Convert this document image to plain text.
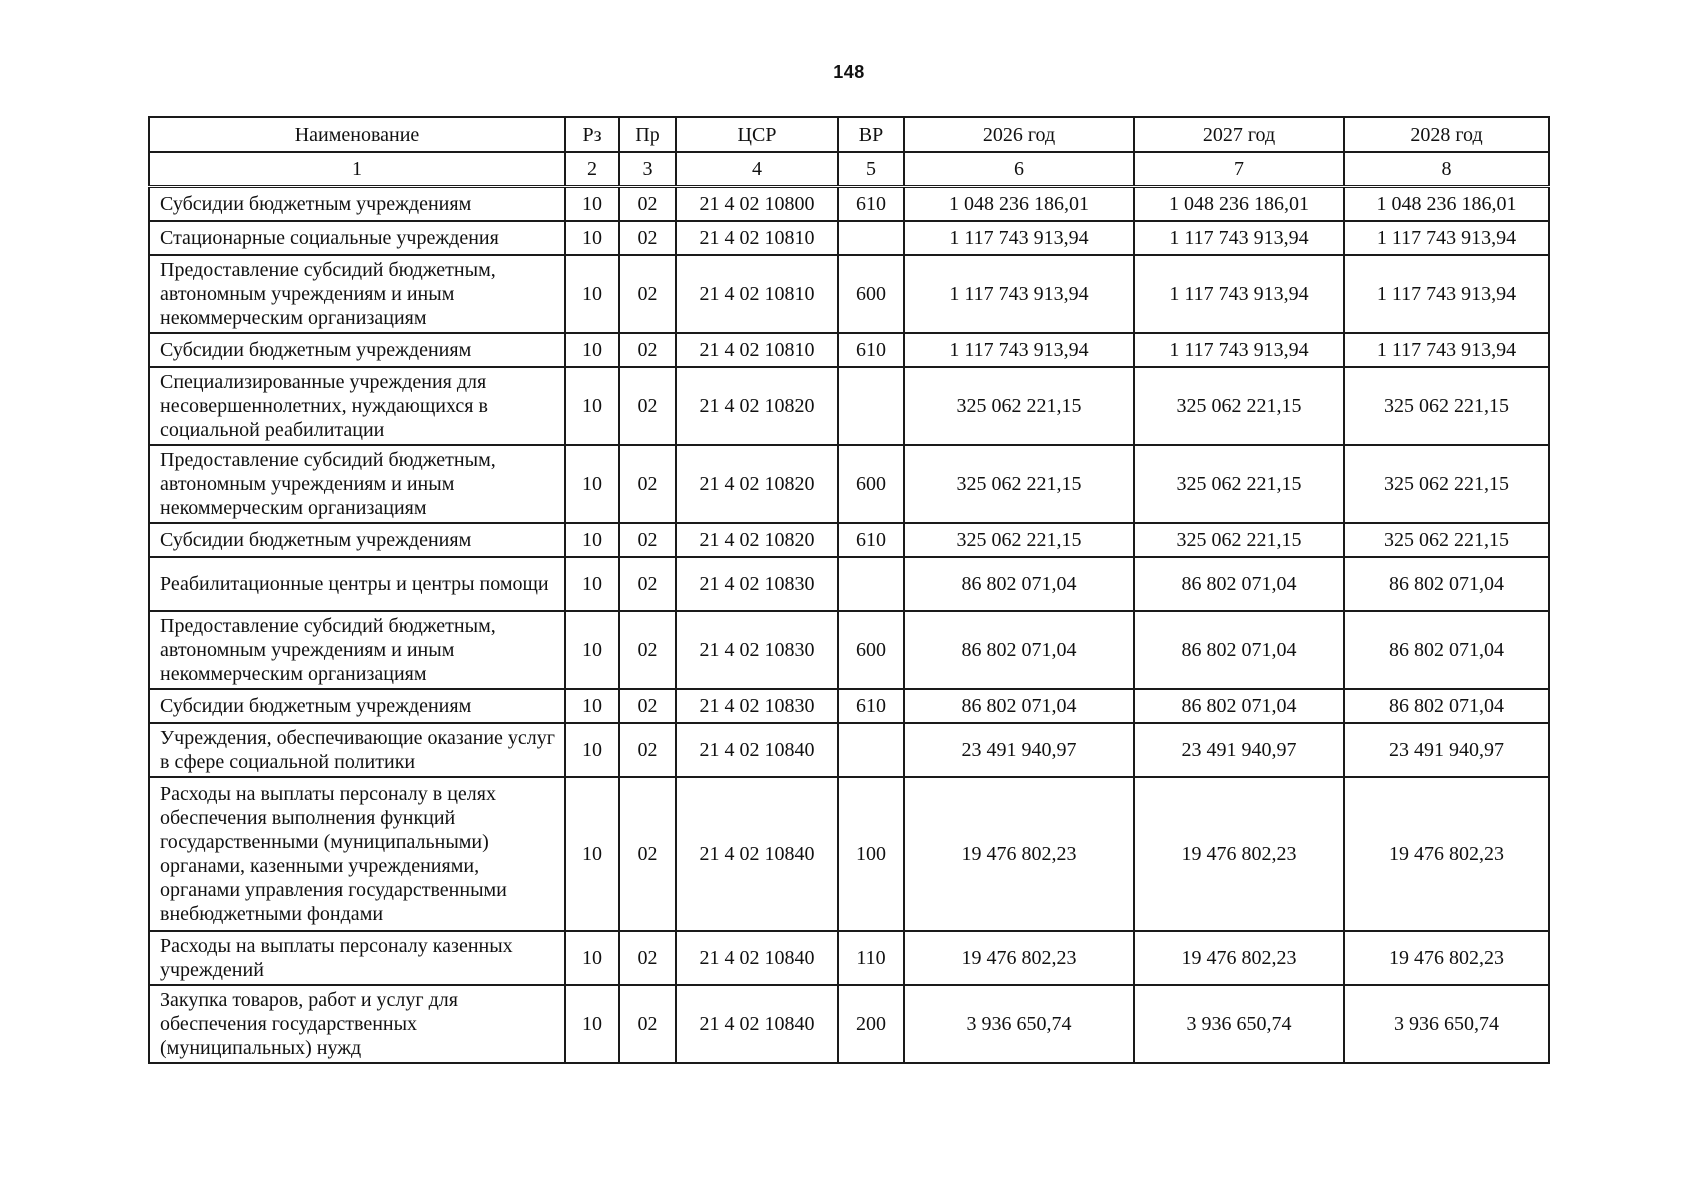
148
Наименование	Рз	Пр	ЦСР	ВР	2026 год	2027 год	2028 год
1	2	3	4	5	6	7	8
Субсидии бюджетным учреждениям	10	02	21 4 02 10800	610	1 048 236 186,01	1 048 236 186,01	1 048 236 186,01
Стационарные социальные учреждения	10	02	21 4 02 10810		1 117 743 913,94	1 117 743 913,94	1 117 743 913,94
Предоставление субсидий бюджетным, автономным учреждениям и иным некоммерческим организациям	10	02	21 4 02 10810	600	1 117 743 913,94	1 117 743 913,94	1 117 743 913,94
Субсидии бюджетным учреждениям	10	02	21 4 02 10810	610	1 117 743 913,94	1 117 743 913,94	1 117 743 913,94
Специализированные учреждения для несовершеннолетних, нуждающихся в социальной реабилитации	10	02	21 4 02 10820		325 062 221,15	325 062 221,15	325 062 221,15
Предоставление субсидий бюджетным, автономным учреждениям и иным некоммерческим организациям	10	02	21 4 02 10820	600	325 062 221,15	325 062 221,15	325 062 221,15
Субсидии бюджетным учреждениям	10	02	21 4 02 10820	610	325 062 221,15	325 062 221,15	325 062 221,15
Реабилитационные центры и центры помощи	10	02	21 4 02 10830		86 802 071,04	86 802 071,04	86 802 071,04
Предоставление субсидий бюджетным, автономным учреждениям и иным некоммерческим организациям	10	02	21 4 02 10830	600	86 802 071,04	86 802 071,04	86 802 071,04
Субсидии бюджетным учреждениям	10	02	21 4 02 10830	610	86 802 071,04	86 802 071,04	86 802 071,04
Учреждения, обеспечивающие оказание услуг в сфере социальной политики	10	02	21 4 02 10840		23 491 940,97	23 491 940,97	23 491 940,97
Расходы на выплаты персоналу в целях обеспечения выполнения функций государственными (муниципальными) органами, казенными учреждениями, органами управления государственными внебюджетными фондами	10	02	21 4 02 10840	100	19 476 802,23	19 476 802,23	19 476 802,23
Расходы на выплаты персоналу казенных учреждений	10	02	21 4 02 10840	110	19 476 802,23	19 476 802,23	19 476 802,23
Закупка товаров, работ и услуг для обеспечения государственных (муниципальных) нужд	10	02	21 4 02 10840	200	3 936 650,74	3 936 650,74	3 936 650,74
